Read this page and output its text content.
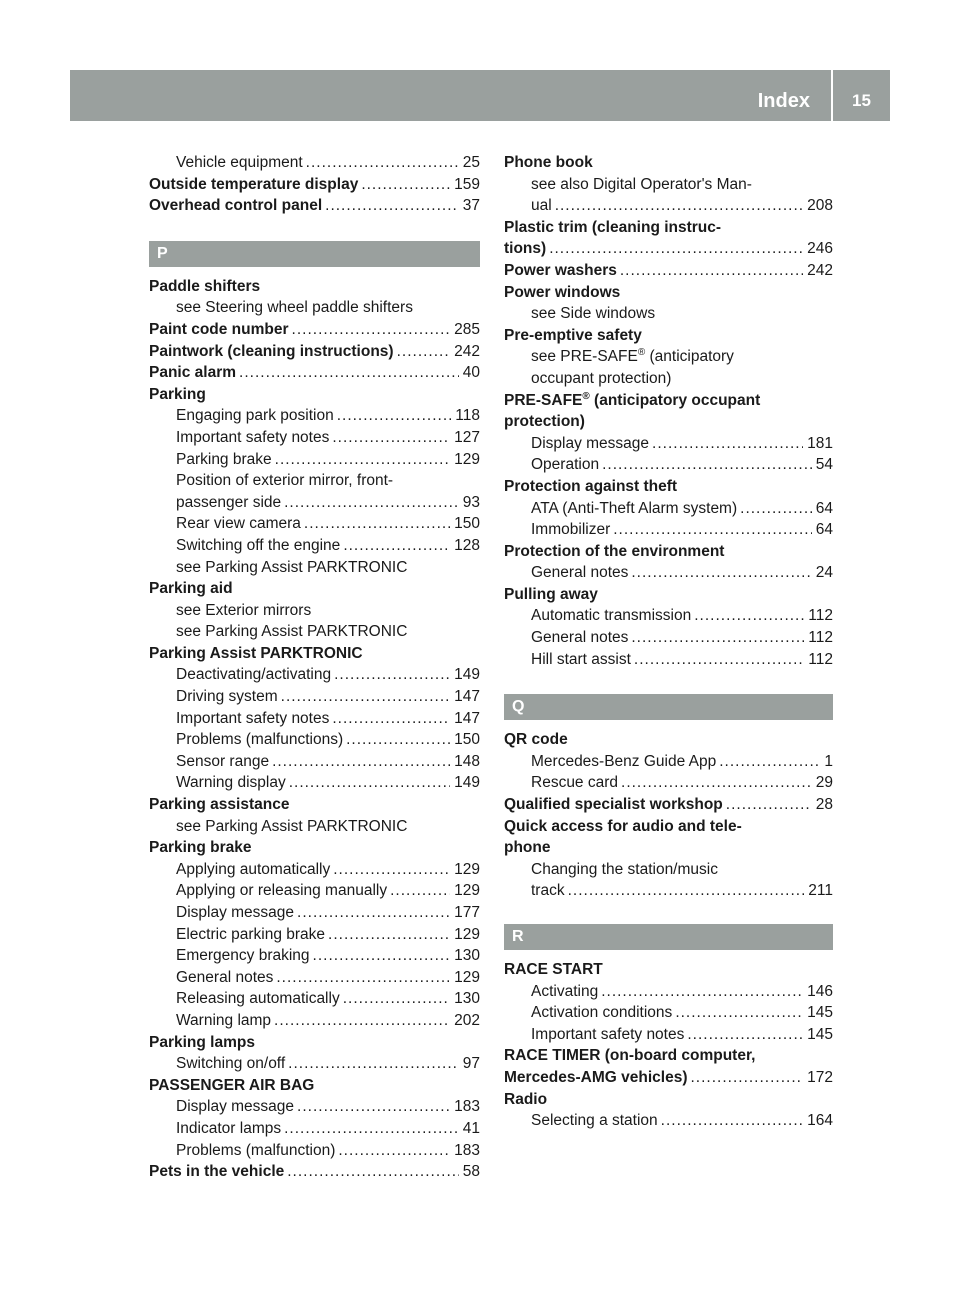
Index	15
Vehicle equipment .....	25
Outside temperature display .....	159
Overhead control panel .....	37
P
Paddle shifters
see Steering wheel paddle shifters
Paint code number .....	285
Paintwork (cleaning instructions) .....	242
Panic alarm .....	40
Parking
Engaging park position .....	118
Important safety notes .....	127
Parking brake .....	129
Position of exterior mirror, front-
passenger side .....	93
Rear view camera .....	150
Switching off the engine .....	128
see Parking Assist PARKTRONIC
Parking aid
see Exterior mirrors
see Parking Assist PARKTRONIC
Parking Assist PARKTRONIC
Deactivating/activating .....	149
Driving system .....	147
Important safety notes .....	147
Problems (malfunctions) .....	150
Sensor range .....	148
Warning display .....	149
Parking assistance
see Parking Assist PARKTRONIC
Parking brake
Applying automatically .....	129
Applying or releasing manually .....	129
Display message .....	177
Electric parking brake .....	129
Emergency braking .....	130
General notes .....	129
Releasing automatically .....	130
Warning lamp .....	202
Parking lamps
Switching on/off .....	97
PASSENGER AIR BAG
Display message .....	183
Indicator lamps .....	41
Problems (malfunction) .....	183
Pets in the vehicle .....	58
Phone book
see also Digital Operator's Man-
ual .....	208
Plastic trim (cleaning instruc-
tions) .....	246
Power washers .....	242
Power windows
see Side windows
Pre-emptive safety
see PRE-SAFE® (anticipatory
occupant protection)
PRE-SAFE® (anticipatory occupant
protection)
Display message .....	181
Operation .....	54
Protection against theft
ATA (Anti-Theft Alarm system) .....	64
Immobilizer .....	64
Protection of the environment
General notes .....	24
Pulling away
Automatic transmission .....	112
General notes .....	112
Hill start assist .....	112
Q
QR code
Mercedes-Benz Guide App .....	1
Rescue card .....	29
Qualified specialist workshop .....	28
Quick access for audio and tele-
phone
Changing the station/music
track .....	211
R
RACE START
Activating .....	146
Activation conditions .....	145
Important safety notes .....	145
RACE TIMER (on-board computer,
Mercedes-AMG vehicles) .....	172
Radio
Selecting a station .....	164
